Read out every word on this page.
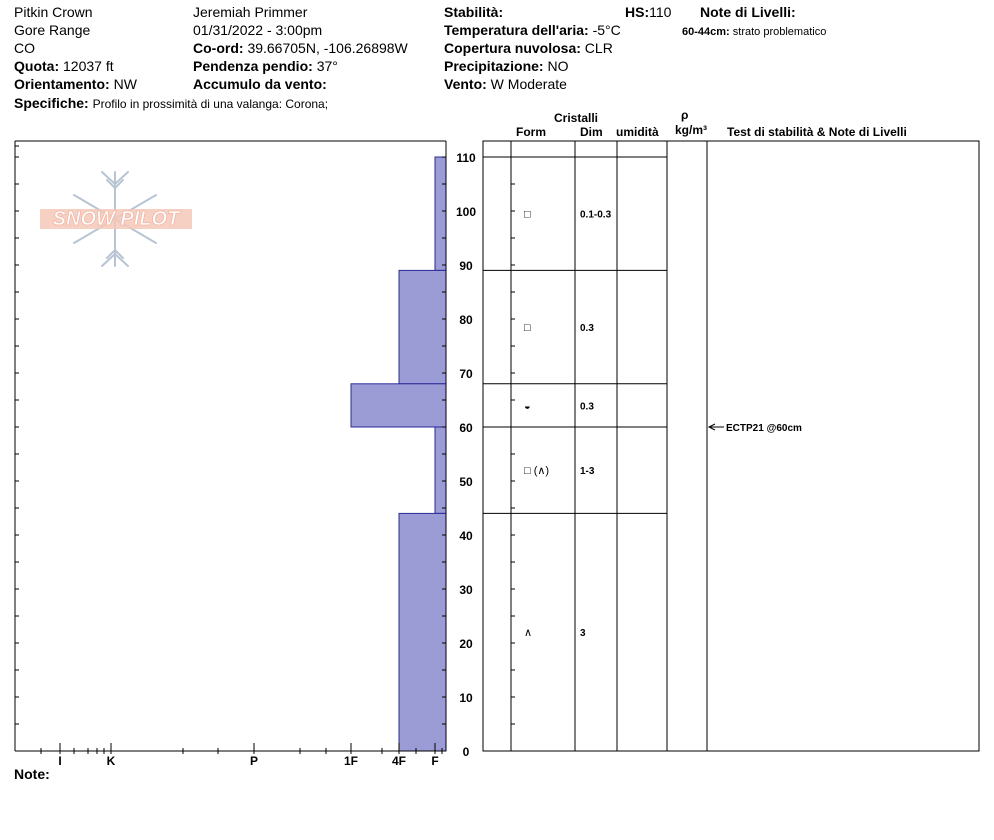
Pitkin Crown
Gore Range
CO
Quota: 12037 ft
Orientamento: NW
Specifiche: Profilo in prossimità di una valanga: Corona;
Jeremiah Primmer
01/31/2022 - 3:00pm
Co-ord: 39.66705N, -106.26898W
Pendenza pendio: 37°
Accumulo da vento:
Stabilità:	HS:110
Temperatura dell'aria: -5°C
Copertura nuvolosa: CLR
Precipitazione: NO
Vento: W Moderate
Note di Livelli:
60-44cm: strato problematico
Cristalli
Form	Dim umidità
ρ
kg/m³ Test di stabilità & Note di Livelli
Note:
SNOW PILOT
I	K	P	1F	4F F
0
10
20
30
40
50
60
70
80
90
100
110
□	0.1-0.3
□	0.3
◒	0.3
□ (∧)	1-3
∧	3
ECTP21 @60cm
